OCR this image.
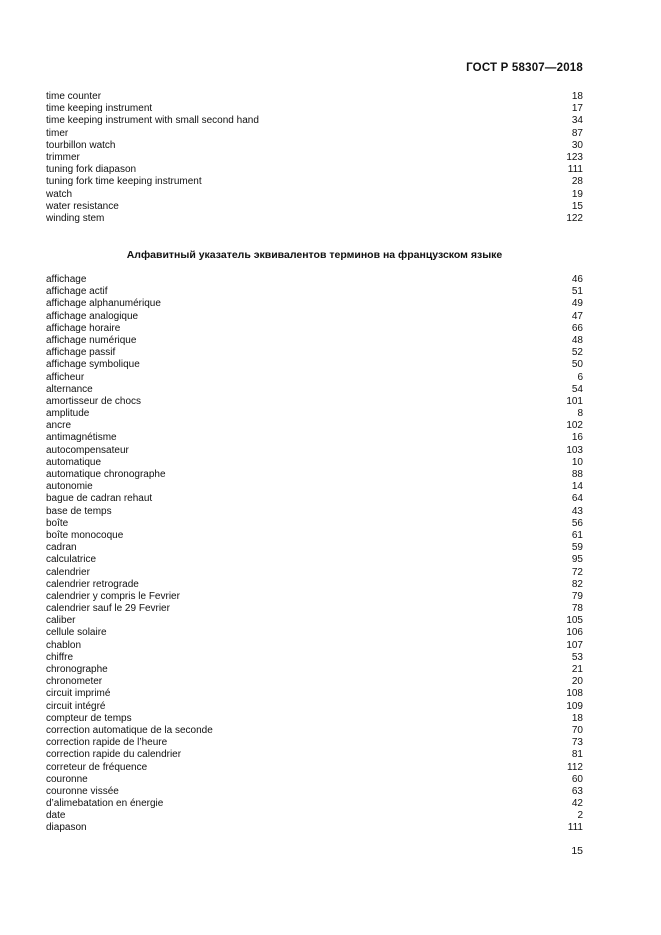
ГОСТ Р 58307—2018
time counter	18
time keeping instrument	17
time keeping instrument with small second hand	34
timer	87
tourbillon watch	30
trimmer	123
tuning fork diapason	111
tuning fork time keeping instrument	28
watch	19
water resistance	15
winding stem	122
Алфавитный указатель эквивалентов терминов на французском языке
affichage	46
affichage actif	51
affichage alphanumérique	49
affichage analogique	47
affichage horaire	66
affichage numérique	48
affichage passif	52
affichage symbolique	50
afficheur	6
alternance	54
amortisseur de chocs	101
amplitude	8
ancre	102
antimagnétisme	16
autocompensateur	103
automatique	10
automatique chronographe	88
autonomie	14
bague de cadran rehaut	64
base de temps	43
boîte	56
boîte monocoque	61
cadran	59
calculatrice	95
calendrier	72
calendrier retrograde	82
calendrier y compris le Fevrier	79
calendrier sauf le 29 Fevrier	78
caliber	105
cellule solaire	106
chablon	107
chiffre	53
chronographe	21
chronometer	20
circuit imprimé	108
circuit intégré	109
compteur de temps	18
correction automatique de la seconde	70
correction rapide de l’heure	73
correction rapide du calendrier	81
correteur de fréquence	112
couronne	60
couronne vissée	63
d’alimebatation en énergie	42
date	2
diapason	111
15
